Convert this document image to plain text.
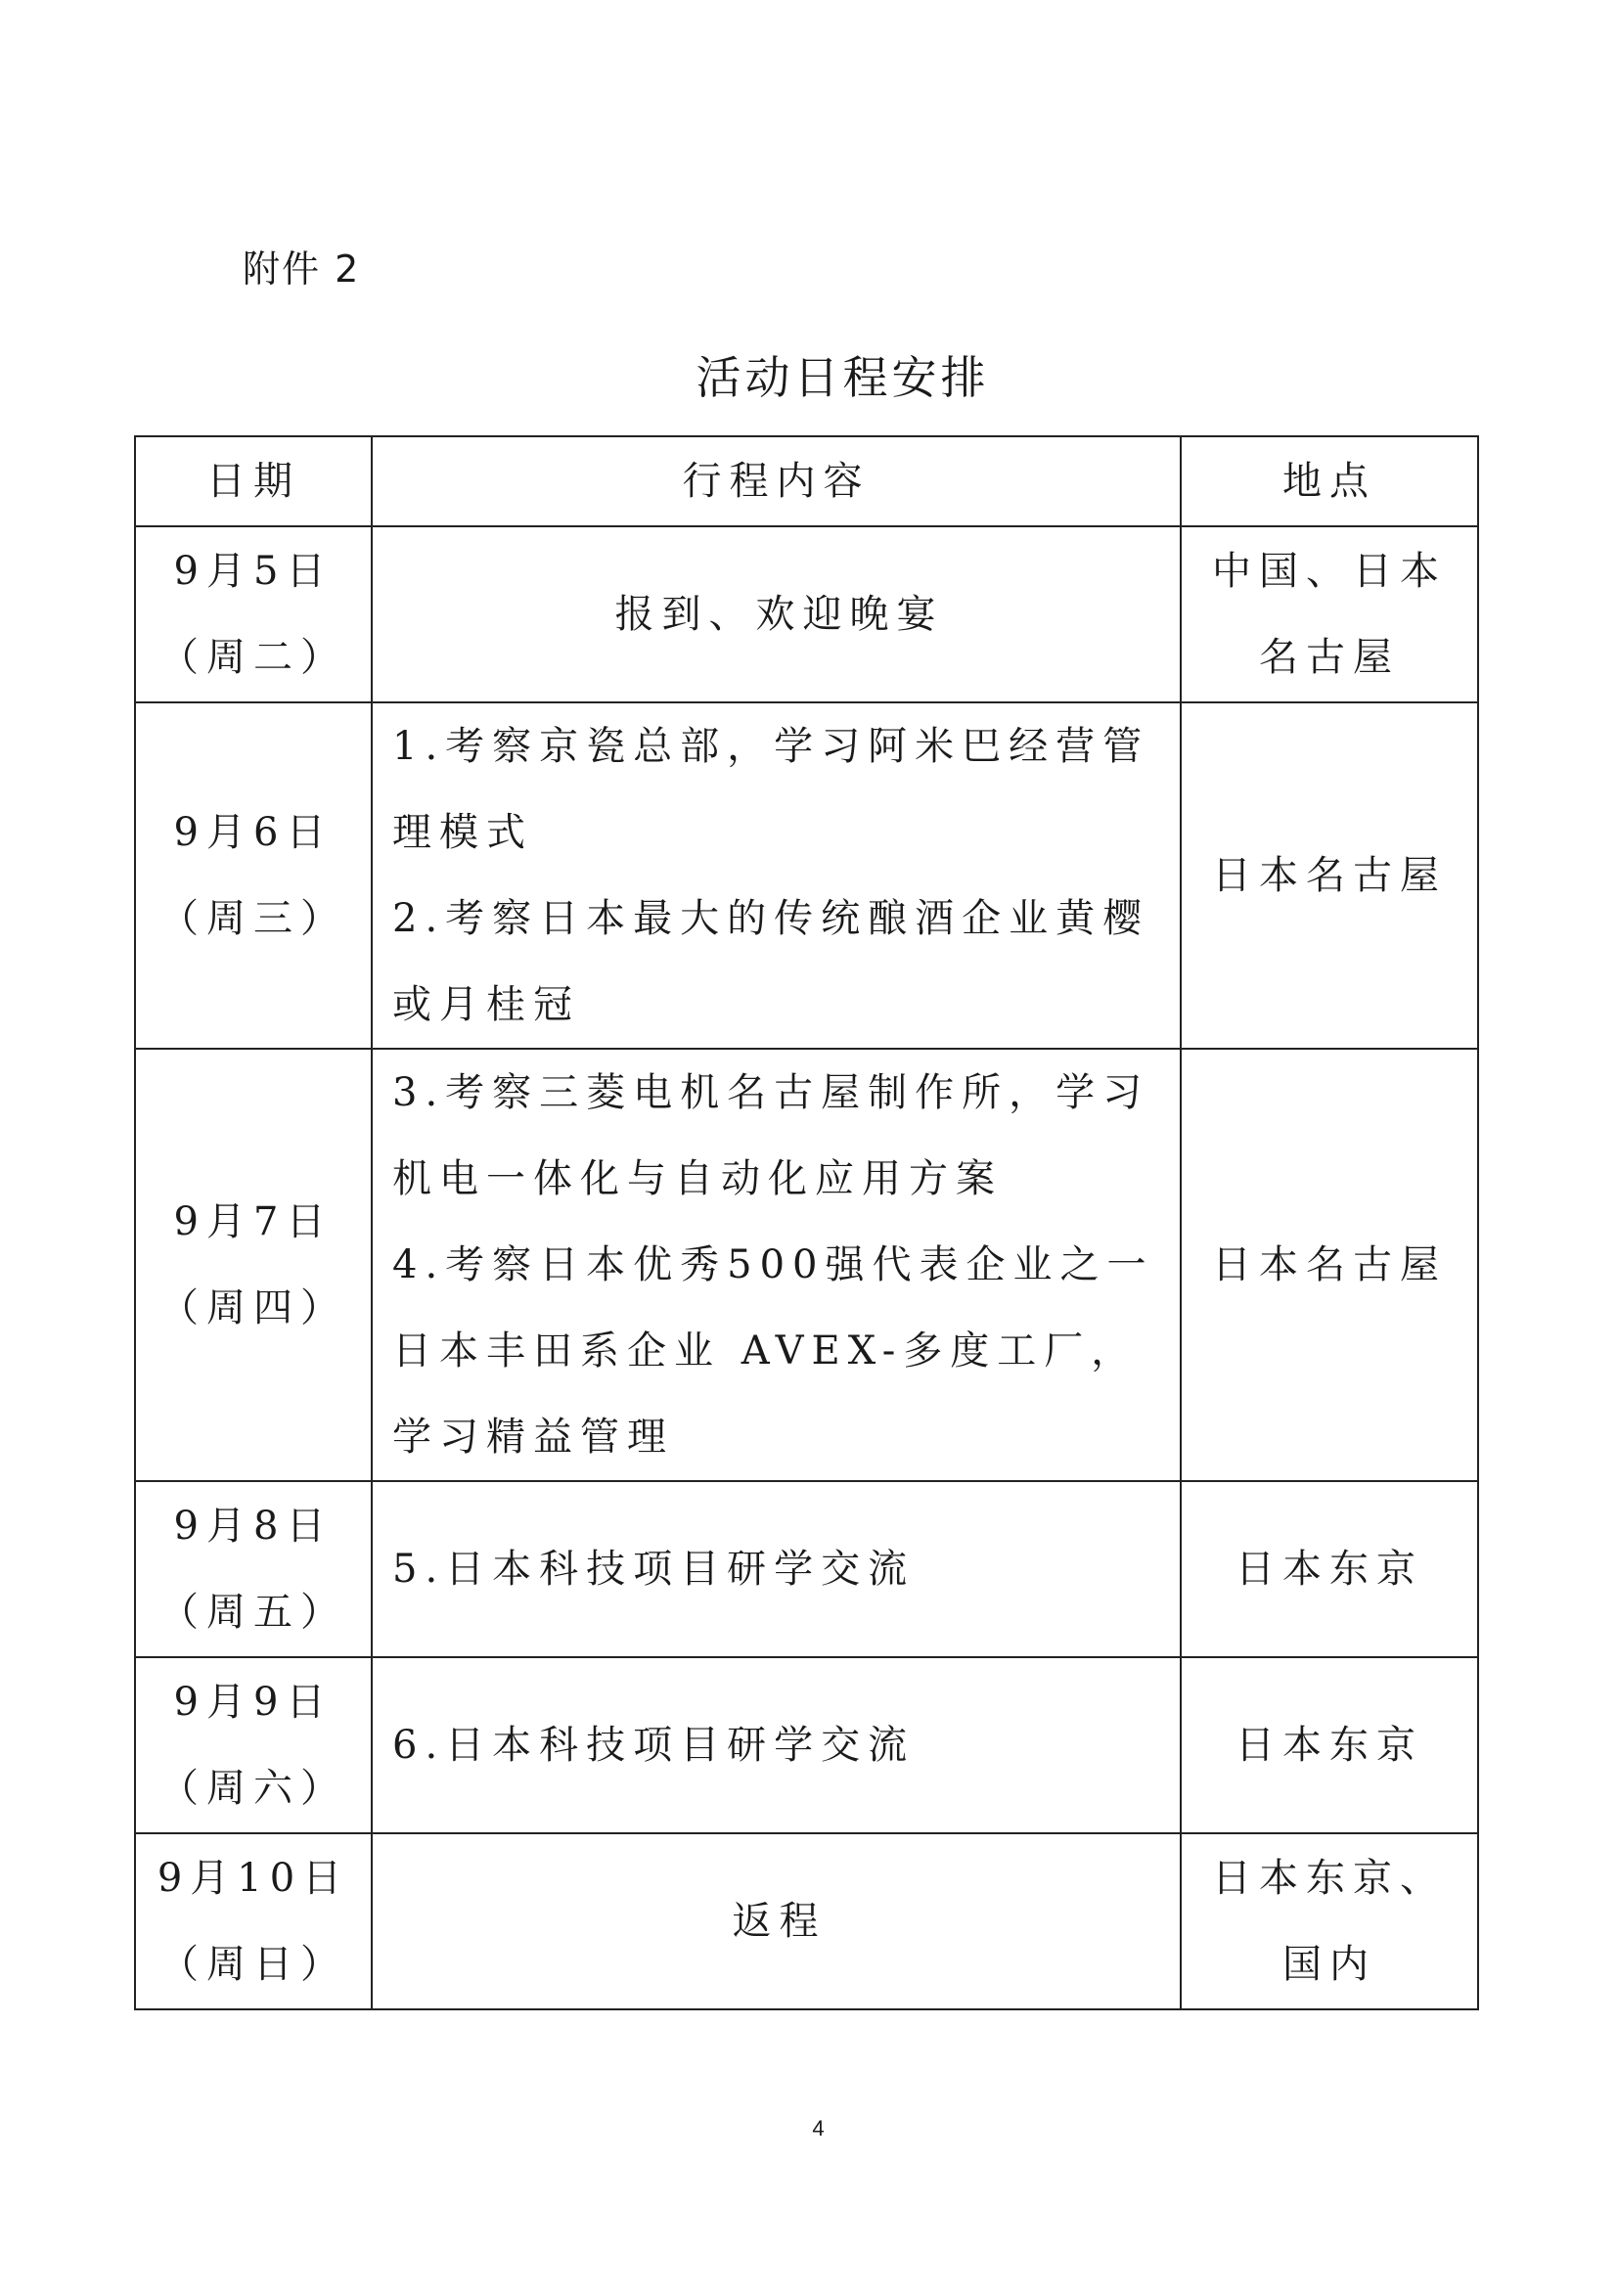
附件 2
活动日程安排
日期	行程内容	地点

9月5日
（周二）	报到、欢迎晚宴	中国、日本名古屋

9月6日
（周三）	1.考察京瓷总部，学习阿米巴经营管理模式
2.考察日本最大的传统酿酒企业黄樱或月桂冠	日本名古屋

9月7日
（周四）	3.考察三菱电机名古屋制作所，学习机电一体化与自动化应用方案
4.考察日本优秀500强代表企业之一日本丰田系企业 AVEX-多度工厂，学习精益管理	日本名古屋

9月8日
（周五）	5.日本科技项目研学交流	日本东京

9月9日
（周六）	6.日本科技项目研学交流	日本东京

9月10日
（周日）	返程	日本东京、国内
4
